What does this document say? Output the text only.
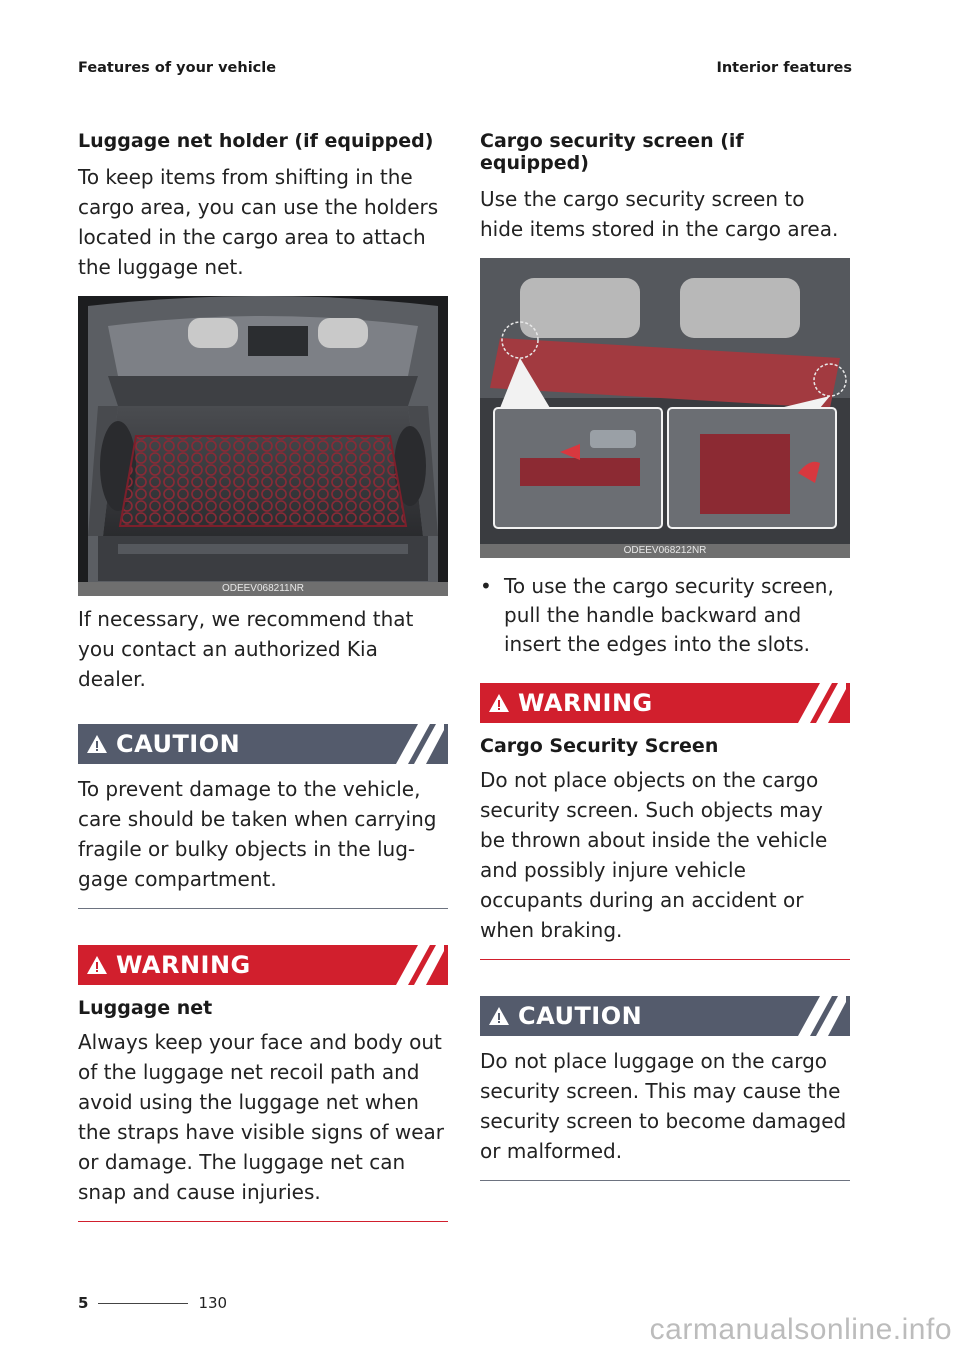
Features of your vehicle	Interior features
Luggage net holder (if equipped)

To keep items from shifting in the cargo area, you can use the holders located in the cargo area to attach the luggage net.

ODEEV068211NR

If necessary, we recommend that you contact an authorized Kia dealer.

CAUTION

To prevent damage to the vehicle, care should be taken when carrying fragile or bulky objects in the lug-gage compartment.

WARNING
Luggage net

Always keep your face and body out of the luggage net recoil path and avoid using the luggage net when the straps have visible signs of wear or damage. The luggage net can snap and cause injuries.

Cargo security screen (if equipped)

Use the cargo security screen to hide items stored in the cargo area.

ODEEV068212NR
• To use the cargo security screen, pull the handle backward and insert the edges into the slots.
WARNING
Cargo Security Screen

Do not place objects on the cargo security screen. Such objects may be thrown about inside the vehicle and possibly injure vehicle occupants during an accident or when braking.

CAUTION

Do not place luggage on the cargo security screen. This may cause the security screen to become damaged or malformed.

5	130
carmanualsonline.info
